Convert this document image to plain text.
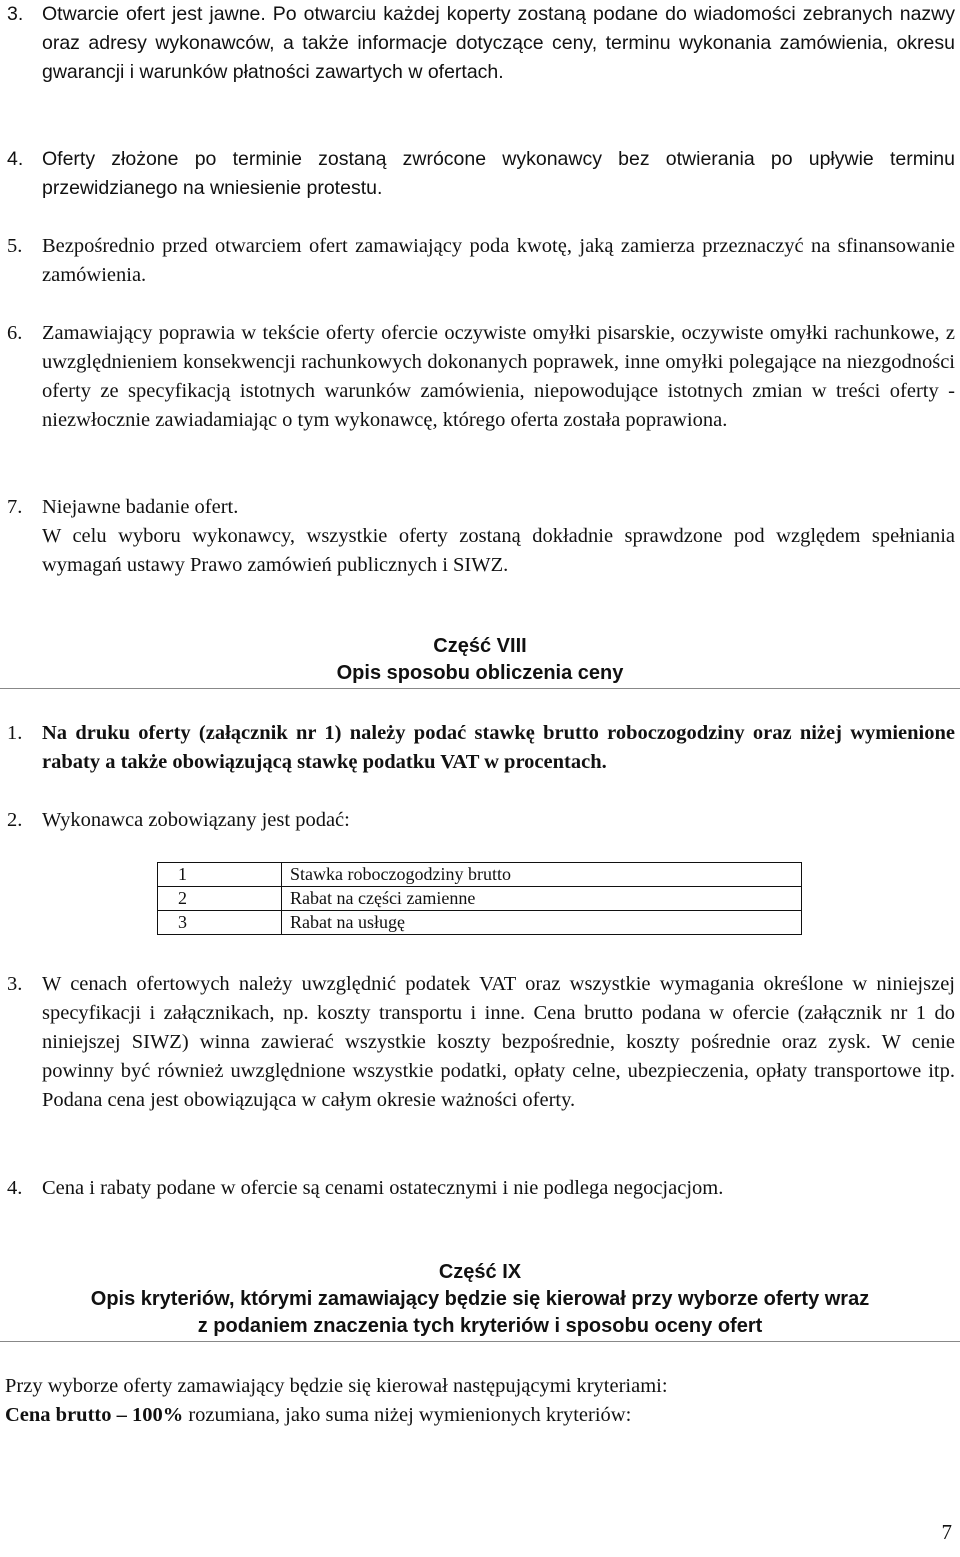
3. Otwarcie ofert jest jawne. Po otwarciu każdej koperty zostaną podane do wiadomości zebranych nazwy oraz adresy wykonawców, a także informacje dotyczące ceny, terminu wykonania zamówienia, okresu gwarancji i warunków płatności zawartych w ofertach.
4. Oferty złożone po terminie zostaną zwrócone wykonawcy bez otwierania po upływie terminu przewidzianego na wniesienie protestu.
5. Bezpośrednio przed otwarciem ofert zamawiający poda kwotę, jaką zamierza przeznaczyć na sfinansowanie zamówienia.
6. Zamawiający poprawia w tekście oferty ofercie oczywiste omyłki pisarskie, oczywiste omyłki rachunkowe, z uwzględnieniem konsekwencji rachunkowych dokonanych poprawek, inne omyłki polegające na niezgodności oferty ze specyfikacją istotnych warunków zamówienia, niepowodujące istotnych zmian w treści oferty - niezwłocznie zawiadamiając o tym wykonawcę, którego oferta została poprawiona.
7. Niejawne badanie ofert.
W celu wyboru wykonawcy, wszystkie oferty zostaną dokładnie sprawdzone pod względem spełniania wymagań ustawy Prawo zamówień publicznych i SIWZ.
Część VIII
Opis sposobu obliczenia ceny
1. Na druku oferty (załącznik nr 1) należy podać stawkę brutto roboczogodziny oraz niżej wymienione rabaty a także obowiązującą stawkę podatku VAT w procentach.
2. Wykonawca zobowiązany jest podać:
1	Stawka roboczogodziny brutto
2	Rabat na części zamienne
3	Rabat na usługę
3. W cenach ofertowych należy uwzględnić podatek VAT oraz wszystkie wymagania określone w niniejszej specyfikacji i załącznikach, np. koszty transportu i inne. Cena brutto podana w ofercie (załącznik nr 1 do niniejszej SIWZ) winna zawierać wszystkie koszty bezpośrednie, koszty pośrednie oraz zysk. W cenie powinny być również uwzględnione wszystkie podatki, opłaty celne, ubezpieczenia, opłaty transportowe itp. Podana cena jest obowiązująca w całym okresie ważności oferty.
4. Cena i rabaty podane w ofercie są cenami ostatecznymi i nie podlega negocjacjom.
Część IX
Opis kryteriów, którymi zamawiający będzie się kierował przy wyborze oferty wraz
z podaniem znaczenia tych kryteriów i sposobu oceny ofert
Przy wyborze oferty zamawiający będzie się kierował następującymi kryteriami:
Cena brutto – 100% rozumiana, jako suma niżej wymienionych kryteriów:
7
